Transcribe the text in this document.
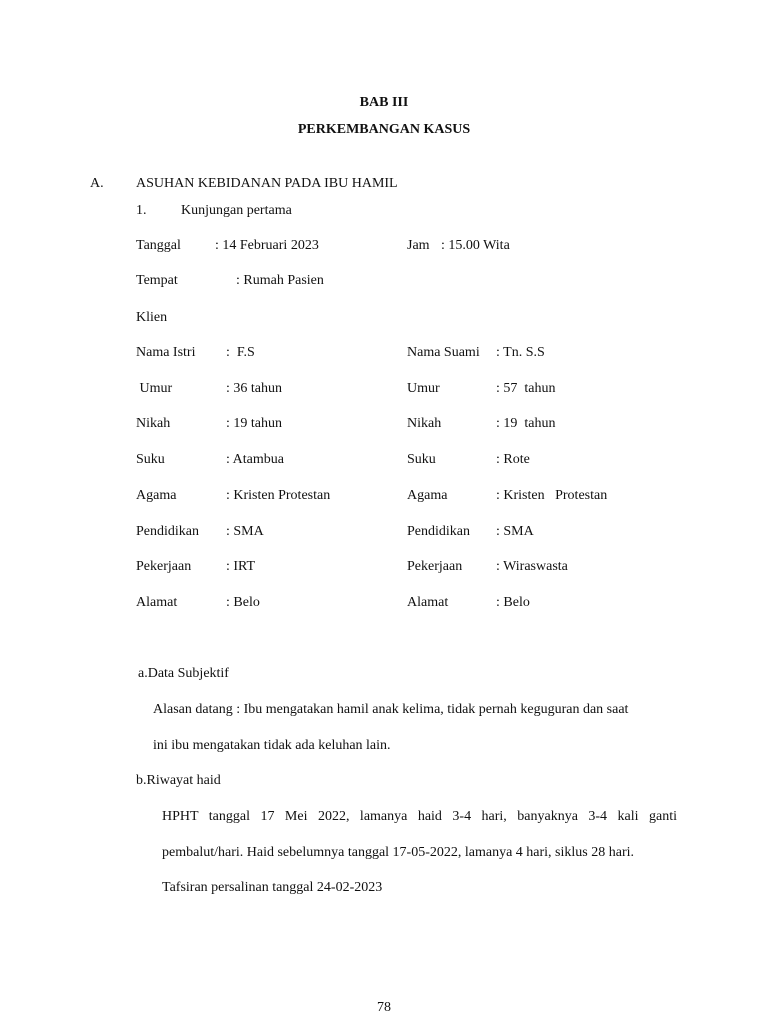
BAB III
PERKEMBANGAN KASUS
A. ASUHAN KEBIDANAN PADA IBU HAMIL
1. Kunjungan pertama
Tanggal : 14 Februari 2023	Jam : 15.00 Wita
Tempat	: Rumah Pasien
Klien
Nama Istri :  F.S	Nama Suami : Tn. S.S
Umur	: 36 tahun	Umur	: 57  tahun
Nikah	: 19 tahun	Nikah	: 19  tahun
Suku	: Atambua	Suku	: Rote
Agama	: Kristen Protestan	Agama	: Kristen   Protestan
Pendidikan : SMA	Pendidikan : SMA
Pekerjaan : IRT	Pekerjaan : Wiraswasta
Alamat	: Belo	Alamat	: Belo
a.Data Subjektif
Alasan datang : Ibu mengatakan hamil anak kelima, tidak pernah keguguran dan saat
ini ibu mengatakan tidak ada keluhan lain.
b.Riwayat haid
HPHT tanggal 17 Mei 2022, lamanya haid 3-4 hari, banyaknya 3-4 kali ganti
pembalut/hari. Haid sebelumnya tanggal 17-05-2022, lamanya 4 hari, siklus 28 hari.
Tafsiran persalinan tanggal 24-02-2023
78
